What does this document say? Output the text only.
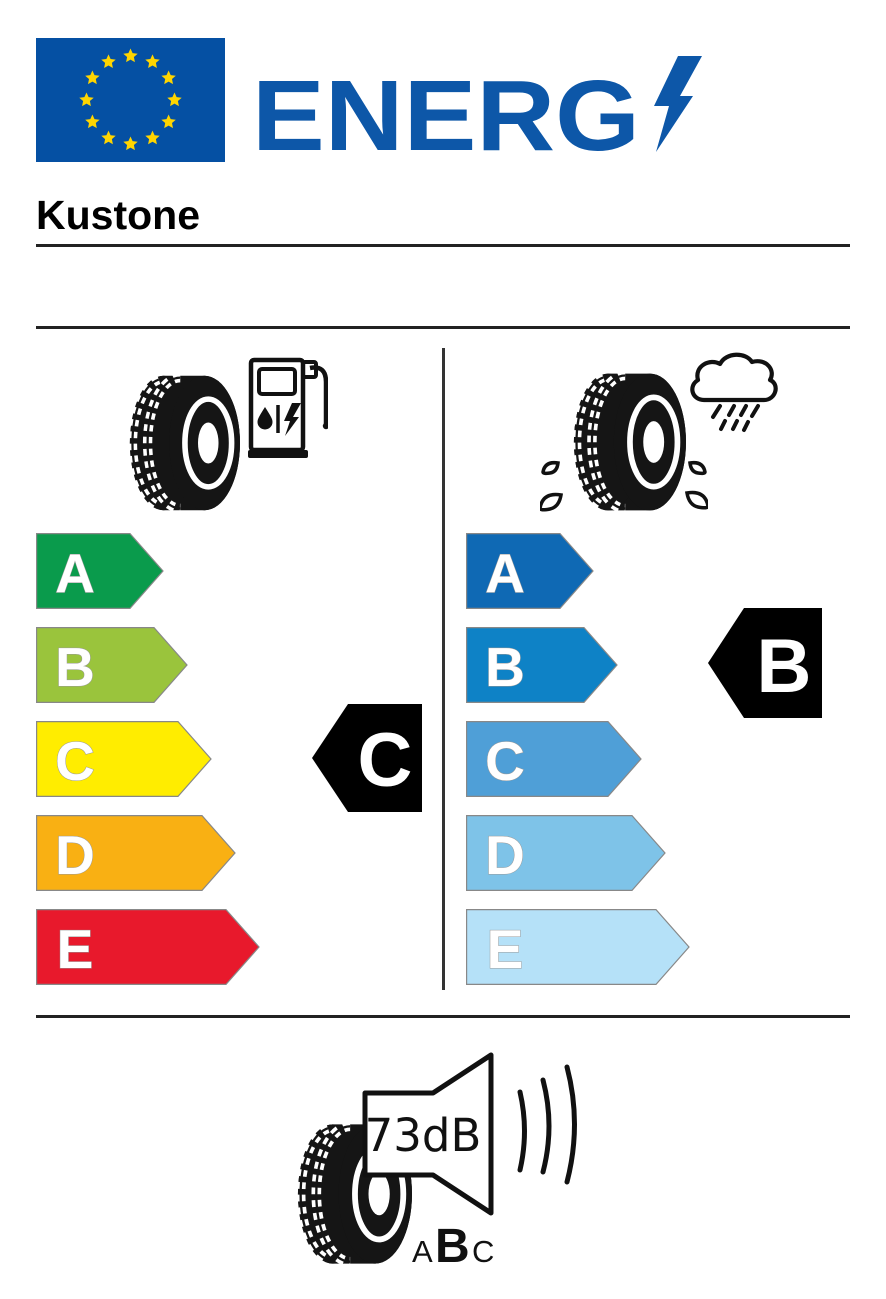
ENERG
Kustone
A
B
C
D
E
C
A
B
C
D
E
B
73dB
A B C
